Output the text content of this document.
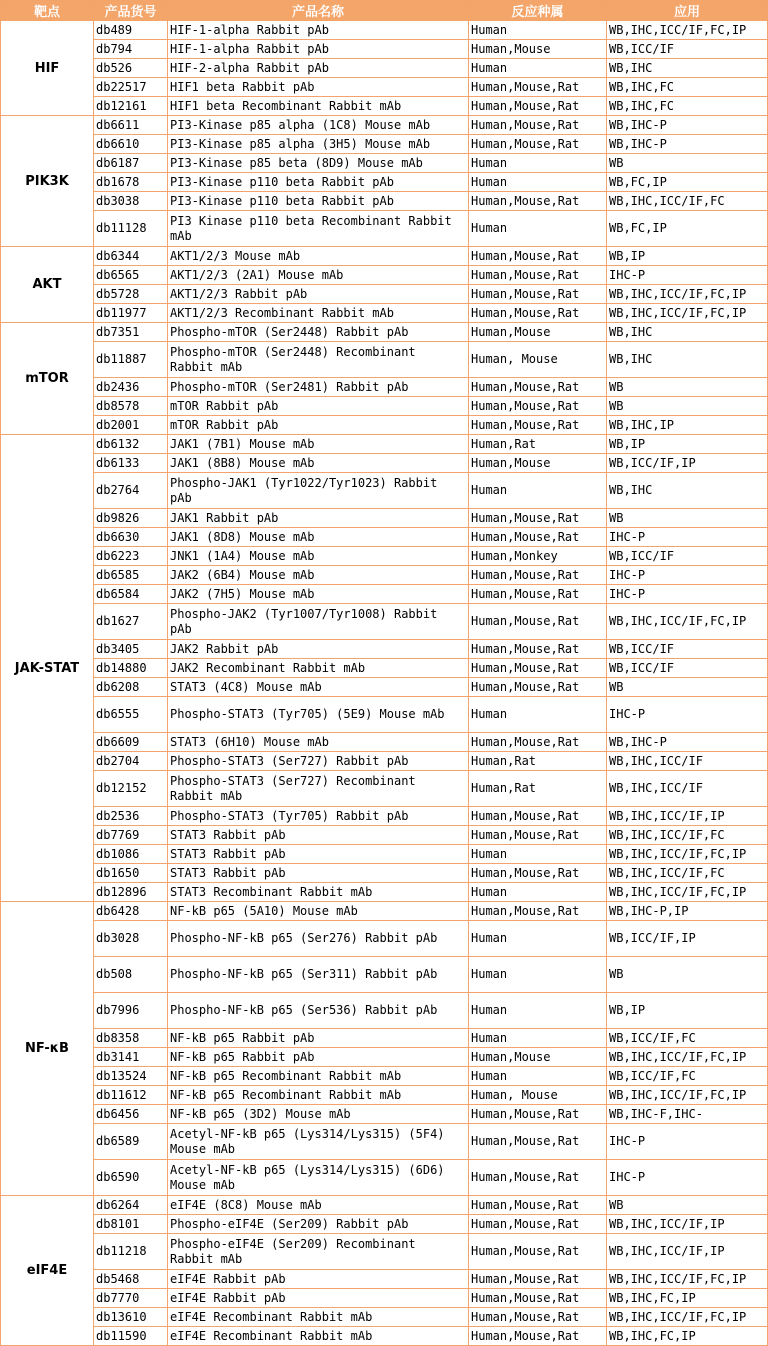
靶点	产品货号	产品名称	反应种属	应用
HIF	db489	HIF-1-alpha Rabbit pAb	Human	WB,IHC,ICC/IF,FC,IP
	db794	HIF-1-alpha Rabbit pAb	Human,Mouse	WB,ICC/IF
	db526	HIF-2-alpha Rabbit pAb	Human	WB,IHC
	db22517	HIF1 beta Rabbit pAb	Human,Mouse,Rat	WB,IHC,FC
	db12161	HIF1 beta Recombinant Rabbit mAb	Human,Mouse,Rat	WB,IHC,FC
PIK3K	db6611	PI3-Kinase p85 alpha (1C8) Mouse mAb	Human,Mouse,Rat	WB,IHC-P
	db6610	PI3-Kinase p85 alpha (3H5) Mouse mAb	Human,Mouse,Rat	WB,IHC-P
	db6187	PI3-Kinase p85 beta (8D9) Mouse mAb	Human	WB
	db1678	PI3-Kinase p110 beta Rabbit pAb	Human	WB,FC,IP
	db3038	PI3-Kinase p110 beta Rabbit pAb	Human,Mouse,Rat	WB,IHC,ICC/IF,FC
	db11128	PI3 Kinase p110 beta Recombinant Rabbit mAb	Human	WB,FC,IP
AKT	db6344	AKT1/2/3 Mouse mAb	Human,Mouse,Rat	WB,IP
	db6565	AKT1/2/3 (2A1) Mouse mAb	Human,Mouse,Rat	IHC-P
	db5728	AKT1/2/3 Rabbit pAb	Human,Mouse,Rat	WB,IHC,ICC/IF,FC,IP
	db11977	AKT1/2/3 Recombinant Rabbit mAb	Human,Mouse,Rat	WB,IHC,ICC/IF,FC,IP
mTOR	db7351	Phospho-mTOR (Ser2448) Rabbit pAb	Human,Mouse	WB,IHC
	db11887	Phospho-mTOR (Ser2448) Recombinant Rabbit mAb	Human, Mouse	WB,IHC
	db2436	Phospho-mTOR (Ser2481) Rabbit pAb	Human,Mouse,Rat	WB
	db8578	mTOR Rabbit pAb	Human,Mouse,Rat	WB
	db2001	mTOR Rabbit pAb	Human,Mouse,Rat	WB,IHC,IP
JAK-STAT	db6132	JAK1 (7B1) Mouse mAb	Human,Rat	WB,IP
	db6133	JAK1 (8B8) Mouse mAb	Human,Mouse	WB,ICC/IF,IP
	db2764	Phospho-JAK1 (Tyr1022/Tyr1023) Rabbit pAb	Human	WB,IHC
	db9826	JAK1 Rabbit pAb	Human,Mouse,Rat	WB
	db6630	JAK1 (8D8) Mouse mAb	Human,Mouse,Rat	IHC-P
	db6223	JNK1 (1A4) Mouse mAb	Human,Monkey	WB,ICC/IF
	db6585	JAK2 (6B4) Mouse mAb	Human,Mouse,Rat	IHC-P
	db6584	JAK2 (7H5) Mouse mAb	Human,Mouse,Rat	IHC-P
	db1627	Phospho-JAK2 (Tyr1007/Tyr1008) Rabbit pAb	Human,Mouse,Rat	WB,IHC,ICC/IF,FC,IP
	db3405	JAK2 Rabbit pAb	Human,Mouse,Rat	WB,ICC/IF
	db14880	JAK2 Recombinant Rabbit mAb	Human,Mouse,Rat	WB,ICC/IF
	db6208	STAT3 (4C8) Mouse mAb	Human,Mouse,Rat	WB
	db6555	Phospho-STAT3 (Tyr705) (5E9) Mouse mAb	Human	IHC-P
	db6609	STAT3 (6H10) Mouse mAb	Human,Mouse,Rat	WB,IHC-P
	db2704	Phospho-STAT3 (Ser727) Rabbit pAb	Human,Rat	WB,IHC,ICC/IF
	db12152	Phospho-STAT3 (Ser727) Recombinant Rabbit mAb	Human,Rat	WB,IHC,ICC/IF
	db2536	Phospho-STAT3 (Tyr705) Rabbit pAb	Human,Mouse,Rat	WB,IHC,ICC/IF,IP
	db7769	STAT3 Rabbit pAb	Human,Mouse,Rat	WB,IHC,ICC/IF,FC
	db1086	STAT3 Rabbit pAb	Human	WB,IHC,ICC/IF,FC,IP
	db1650	STAT3 Rabbit pAb	Human,Mouse,Rat	WB,IHC,ICC/IF,FC
	db12896	STAT3 Recombinant Rabbit mAb	Human	WB,IHC,ICC/IF,FC,IP
NF-κB	db6428	NF-kB p65 (5A10) Mouse mAb	Human,Mouse,Rat	WB,IHC-P,IP
	db3028	Phospho-NF-kB p65 (Ser276) Rabbit pAb	Human	WB,ICC/IF,IP
	db508	Phospho-NF-kB p65 (Ser311) Rabbit pAb	Human	WB
	db7996	Phospho-NF-kB p65 (Ser536) Rabbit pAb	Human	WB,IP
	db8358	NF-kB p65 Rabbit pAb	Human	WB,ICC/IF,FC
	db3141	NF-kB p65 Rabbit pAb	Human,Mouse	WB,IHC,ICC/IF,FC,IP
	db13524	NF-kB p65 Recombinant Rabbit mAb	Human	WB,ICC/IF,FC
	db11612	NF-kB p65 Recombinant Rabbit mAb	Human, Mouse	WB,IHC,ICC/IF,FC,IP
	db6456	NF-kB p65 (3D2) Mouse mAb	Human,Mouse,Rat	WB,IHC-F,IHC-
	db6589	Acetyl-NF-kB p65 (Lys314/Lys315) (5F4) Mouse mAb	Human,Mouse,Rat	IHC-P
	db6590	Acetyl-NF-kB p65 (Lys314/Lys315) (6D6) Mouse mAb	Human,Mouse,Rat	IHC-P
eIF4E	db6264	eIF4E (8C8) Mouse mAb	Human,Mouse,Rat	WB
	db8101	Phospho-eIF4E (Ser209) Rabbit pAb	Human,Mouse,Rat	WB,IHC,ICC/IF,IP
	db11218	Phospho-eIF4E (Ser209) Recombinant Rabbit mAb	Human,Mouse,Rat	WB,IHC,ICC/IF,IP
	db5468	eIF4E Rabbit pAb	Human,Mouse,Rat	WB,IHC,ICC/IF,FC,IP
	db7770	eIF4E Rabbit pAb	Human,Mouse,Rat	WB,IHC,FC,IP
	db13610	eIF4E Recombinant Rabbit mAb	Human,Mouse,Rat	WB,IHC,ICC/IF,FC,IP
	db11590	eIF4E Recombinant Rabbit mAb	Human,Mouse,Rat	WB,IHC,FC,IP
